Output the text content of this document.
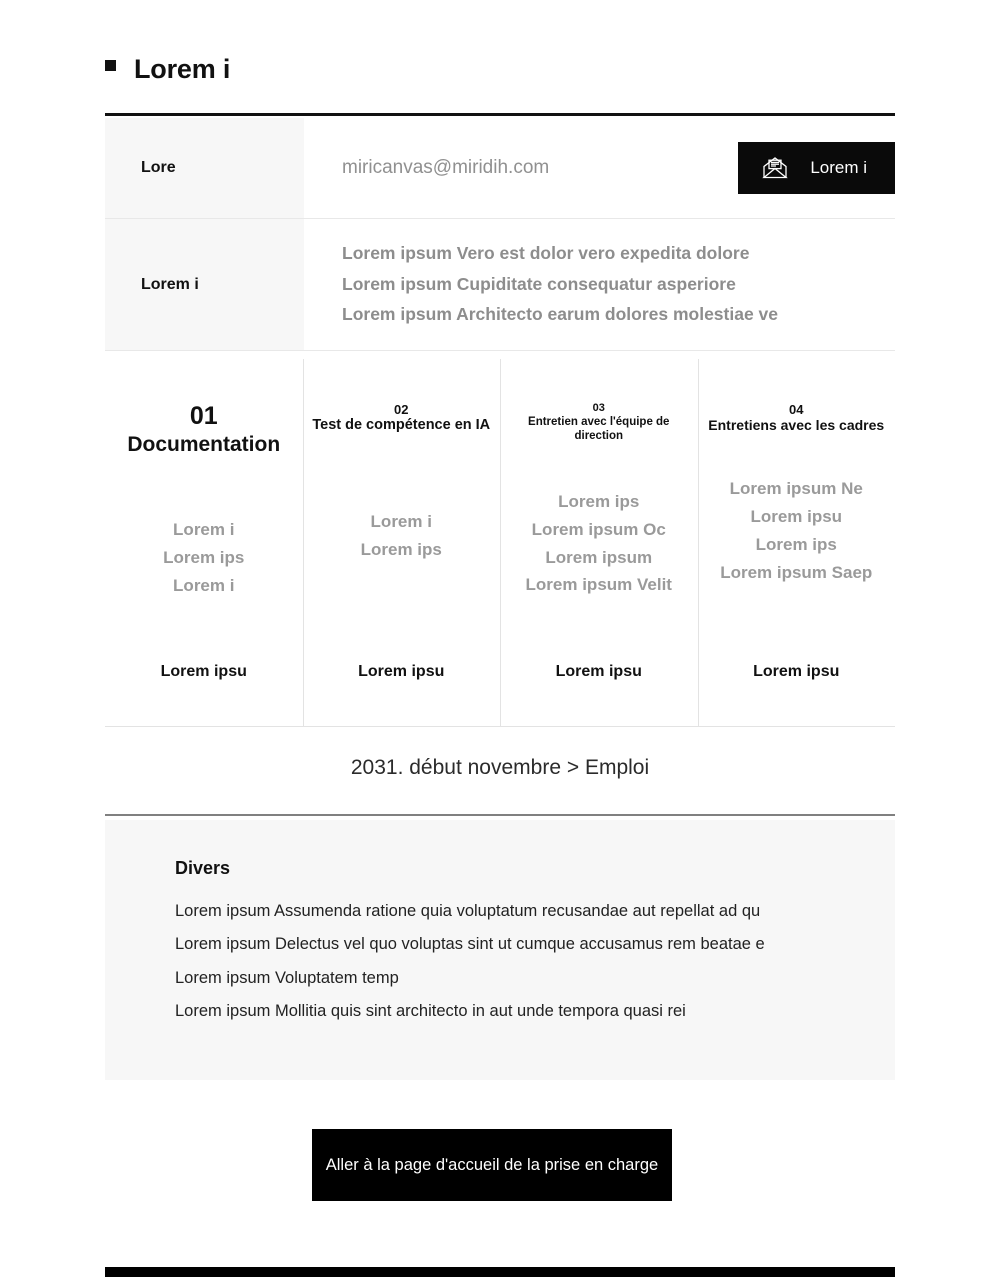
Lorem i
Lore	miricanvas@miridih.com	Lorem i
Lorem i
Lorem ipsum Vero est dolor vero expedita dolore
Lorem ipsum Cupiditate consequatur asperiore
Lorem ipsum Architecto earum dolores molestiae ve
01
Documentation
Lorem i
Lorem ips
Lorem i
Lorem ipsu
02
Test de compétence en IA
Lorem i
Lorem ips
Lorem ipsu
03
Entretien avec l'équipe de direction
Lorem ips
Lorem ipsum Oc
Lorem ipsum
Lorem ipsum Velit
Lorem ipsu
04
Entretiens avec les cadres
Lorem ipsum Ne
Lorem ipsu
Lorem ips
Lorem ipsum Saep
Lorem ipsu
2031. début novembre > Emploi
Divers
Lorem ipsum Assumenda ratione quia voluptatum recusandae aut repellat ad qu
Lorem ipsum Delectus vel quo voluptas sint ut cumque accusamus rem beatae e
Lorem ipsum Voluptatem temp
Lorem ipsum Mollitia quis sint architecto in aut unde tempora quasi rei
Aller à la page d'accueil de la prise en charge
